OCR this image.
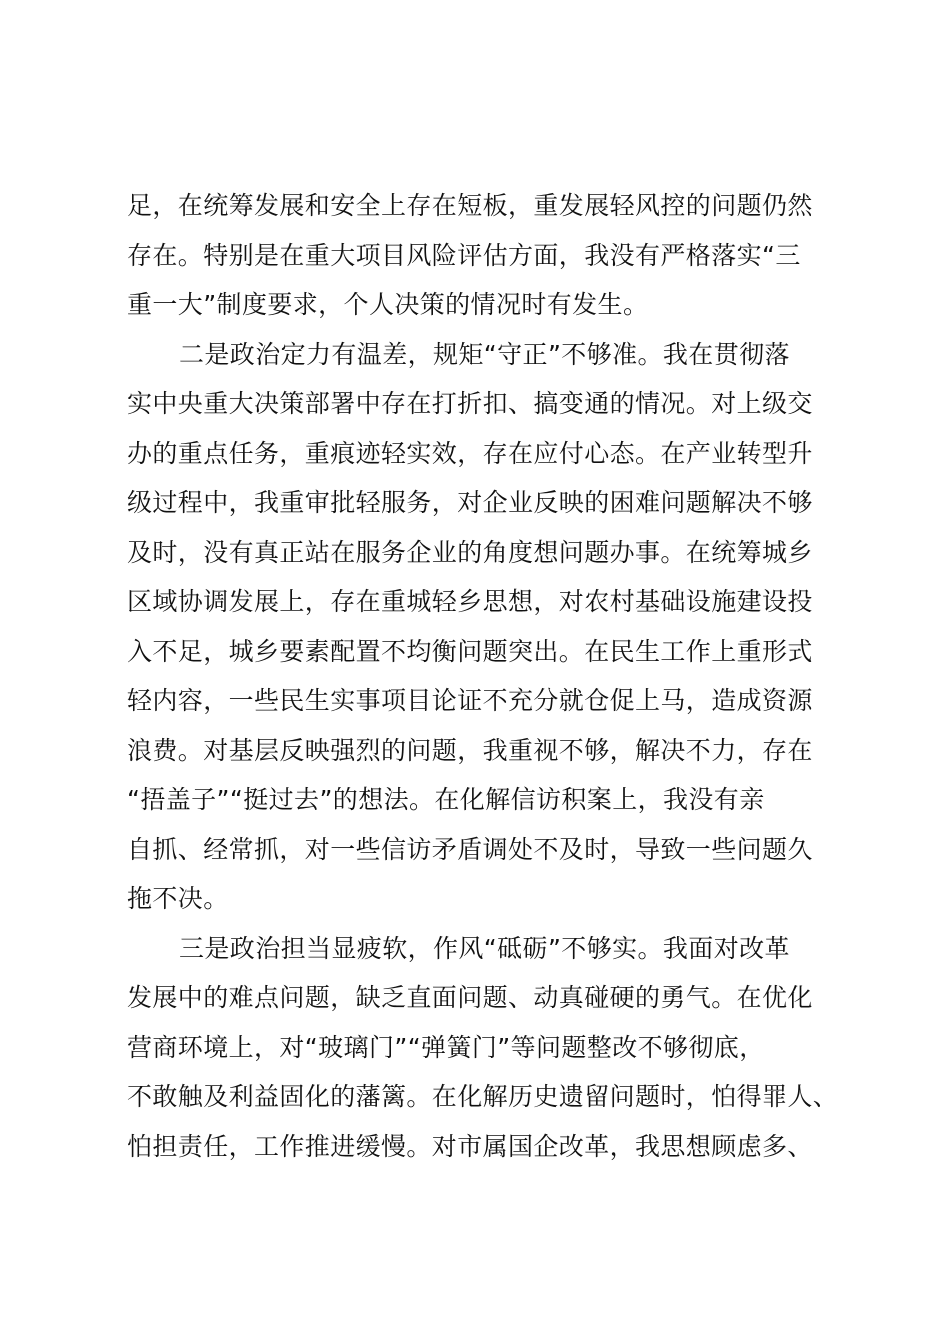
足，在统筹发展和安全上存在短板，重发展轻风控的问题仍然
存在。特别是在重大项目风险评估方面，我没有严格落实“三
重一大”制度要求，个人决策的情况时有发生。
二是政治定力有温差，规矩“守正”不够准。我在贯彻落
实中央重大决策部署中存在打折扣、搞变通的情况。对上级交
办的重点任务，重痕迹轻实效，存在应付心态。在产业转型升
级过程中，我重审批轻服务，对企业反映的困难问题解决不够
及时，没有真正站在服务企业的角度想问题办事。在统筹城乡
区域协调发展上，存在重城轻乡思想，对农村基础设施建设投
入不足，城乡要素配置不均衡问题突出。在民生工作上重形式
轻内容，一些民生实事项目论证不充分就仓促上马，造成资源
浪费。对基层反映强烈的问题，我重视不够，解决不力，存在
“捂盖子”“挺过去”的想法。在化解信访积案上，我没有亲
自抓、经常抓，对一些信访矛盾调处不及时，导致一些问题久
拖不决。
三是政治担当显疲软，作风“砥砺”不够实。我面对改革
发展中的难点问题，缺乏直面问题、动真碰硬的勇气。在优化
营商环境上，对“玻璃门”“弹簧门”等问题整改不够彻底，
不敢触及利益固化的藩篱。在化解历史遗留问题时，怕得罪人、
怕担责任，工作推进缓慢。对市属国企改革，我思想顾虑多、
